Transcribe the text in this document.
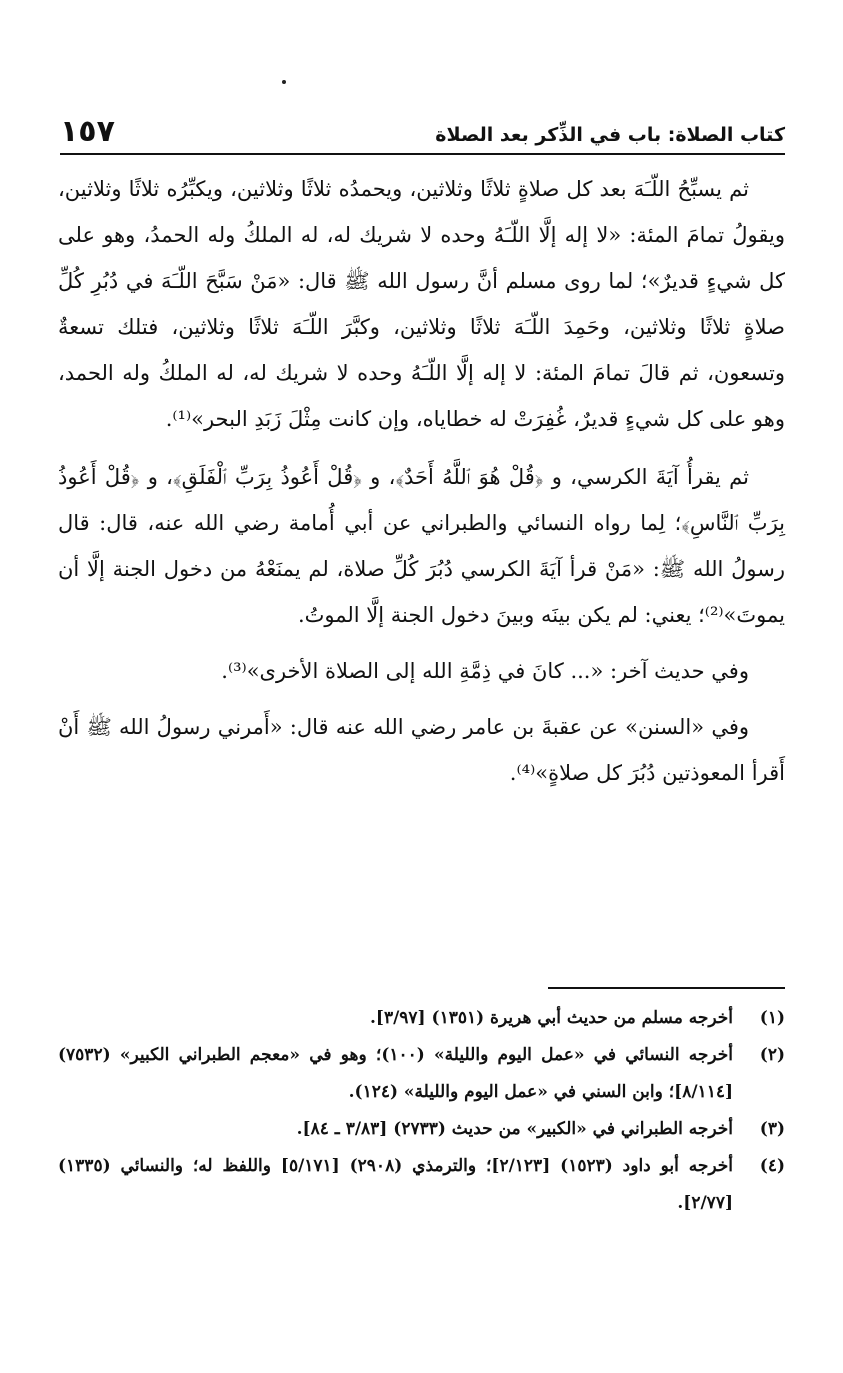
١٥٧	كتاب الصلاة: باب في الذِّكر بعد الصلاة

ثم يسبِّحُ اللّـَهَ بعد كل صلاةٍ ثلاثًا وثلاثين، ويحمدُه ثلاثًا وثلاثين، ويكبِّرُه ثلاثًا وثلاثين، ويقولُ تمامَ المئة: «لا إله إلَّا اللّـَهُ وحده لا شريك له، له الملكُ وله الحمدُ، وهو على كل شيءٍ قديرٌ»؛ لما روى مسلم أنَّ رسول الله ﷺ قال: «مَنْ سَبَّحَ اللّـَهَ في دُبُرِ كُلِّ صلاةٍ ثلاثًا وثلاثين، وحَمِدَ اللّـَهَ ثلاثًا وثلاثين، وكبَّرَ اللّـَهَ ثلاثًا وثلاثين، فتلك تسعةٌ وتسعون، ثم قالَ تمامَ المئة: لا إله إلَّا اللّـَهُ وحده لا شريك له، له الملكُ وله الحمد، وهو على كل شيءٍ قديرٌ، غُفِرَتْ له خطاياه، وإن كانت مِثْلَ زَبَدِ البحر»⁽¹⁾.

ثم يقرأُ آيَةَ الكرسي، و ﴿قُلْ هُوَ ٱللَّهُ أَحَدٌ﴾، و ﴿قُلْ أَعُوذُ بِرَبِّ ٱلْفَلَقِ﴾، و ﴿قُلْ أَعُوذُ بِرَبِّ ٱلنَّاسِ﴾؛ لِما رواه النسائي والطبراني عن أبي أُمامة رضي الله عنه، قال: قال رسولُ الله ﷺ: «مَنْ قرأ آيَةَ الكرسي دُبُرَ كُلِّ صلاة، لم يمنَعْهُ من دخول الجنة إلَّا أن يموتَ»⁽²⁾؛ يعني: لم يكن بينَه وبينَ دخول الجنة إلَّا الموتُ.

وفي حديث آخر: «... كانَ في ذِمَّةِ الله إلى الصلاة الأخرى»⁽³⁾.

وفي «السنن» عن عقبةَ بن عامر رضي الله عنه قال: «أَمرني رسولُ الله ﷺ أَنْ أَقرأ المعوذتين دُبُرَ كل صلاةٍ»⁽⁴⁾.

(١)
أخرجه مسلم من حديث أبي هريرة (١٣٥١) [٣/٩٧].
(٢)
أخرجه النسائي في «عمل اليوم والليلة» (١٠٠)؛ وهو في «معجم الطبراني الكبير» (٧٥٣٢) [٨/١١٤]؛ وابن السني في «عمل اليوم والليلة» (١٢٤).
(٣)
أخرجه الطبراني في «الكبير» من حديث (٢٧٣٣) [٣/٨٣ ـ ٨٤].
(٤)
أخرجه أبو داود (١٥٢٣) [٢/١٢٣]؛ والترمذي (٢٩٠٨) [٥/١٧١] واللفظ له؛ والنسائي (١٣٣٥) [٢/٧٧].
